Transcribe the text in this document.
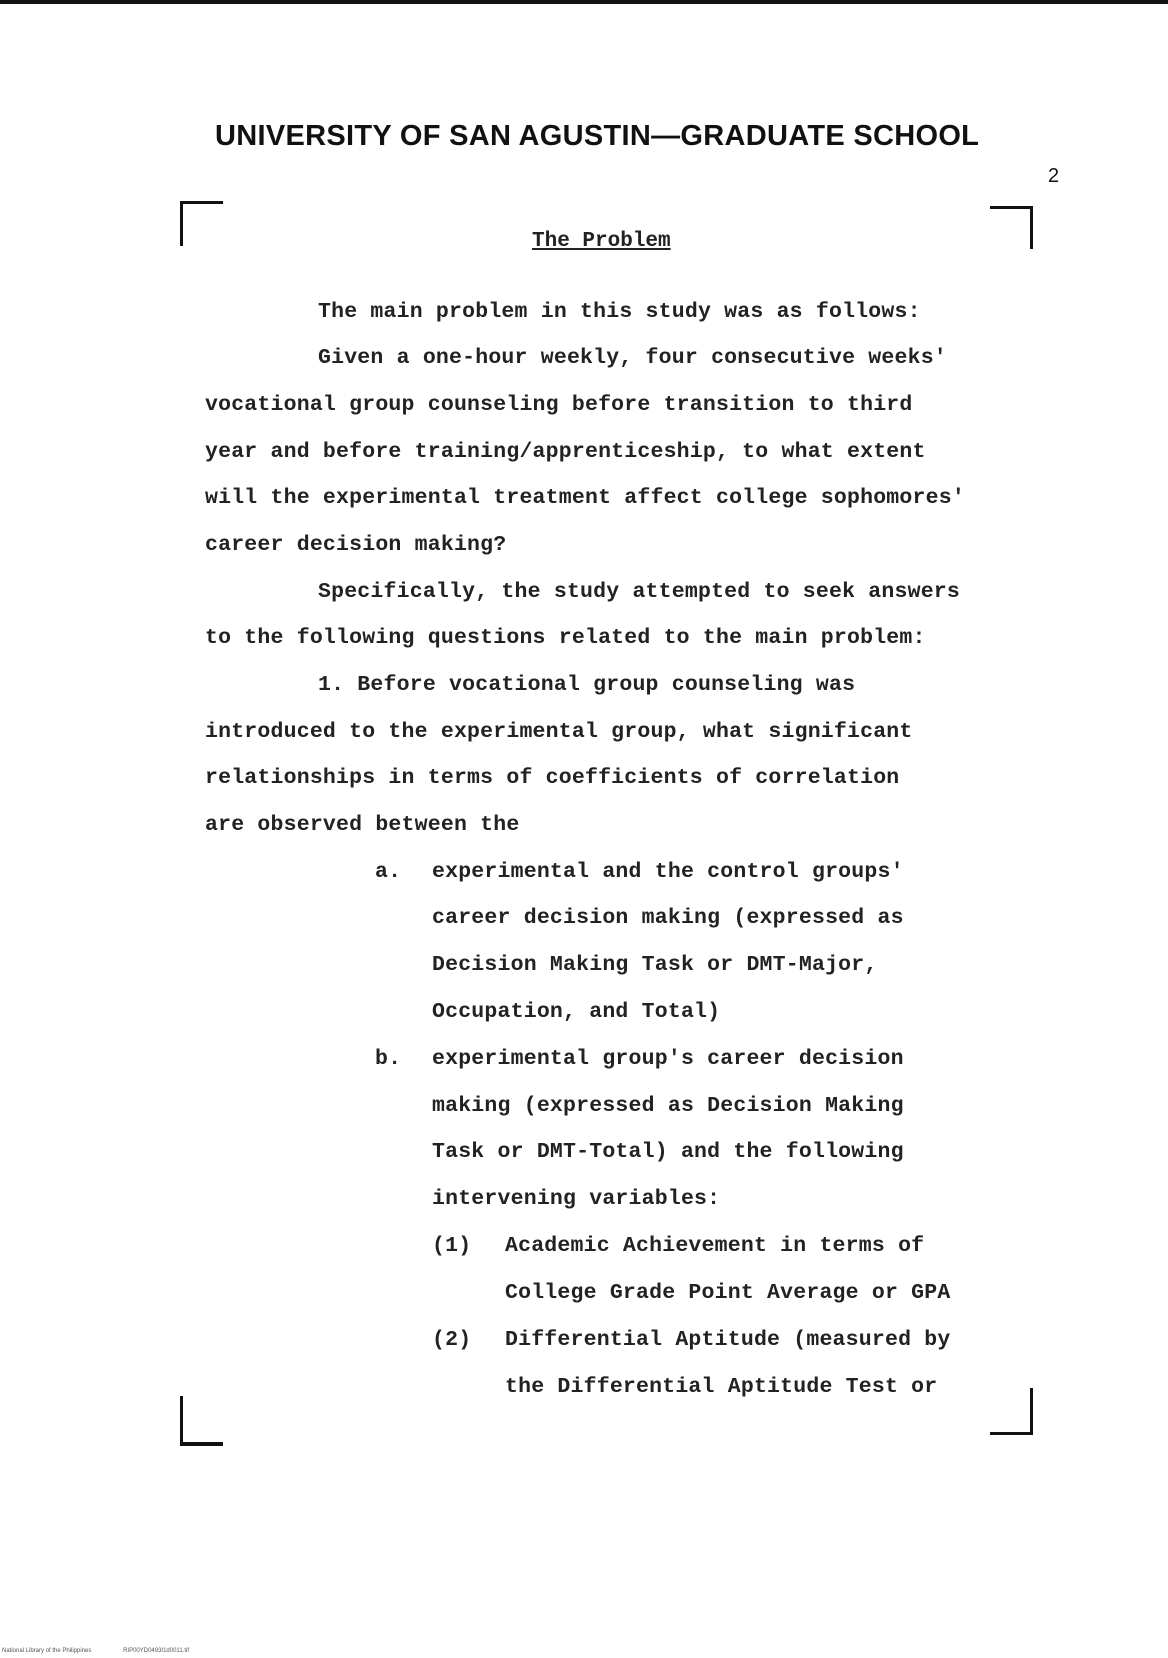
UNIVERSITY OF SAN AGUSTIN—GRADUATE SCHOOL
2
The Problem
The main problem in this study was as follows:
Given a one-hour weekly, four consecutive weeks'
vocational group counseling before transition to third
year and before training/apprenticeship, to what extent
will the experimental treatment affect college sophomores'
career decision making?
Specifically, the study attempted to seek answers
to the following questions related to the main problem:
1. Before vocational group counseling was
introduced to the experimental group, what significant
relationships in terms of coefficients of correlation
are observed between the
a. experimental and the control groups'
career decision making (expressed as
Decision Making Task or DMT-Major,
Occupation, and Total)
b. experimental group's career decision
making (expressed as Decision Making
Task or DMT-Total) and the following
intervening variables:
(1) Academic Achievement in terms of
College Grade Point Average or GPA
(2) Differential Aptitude (measured by
the Differential Aptitude Test or
National Library of the Philippines	RIP00YD0493I1d0011.tif
